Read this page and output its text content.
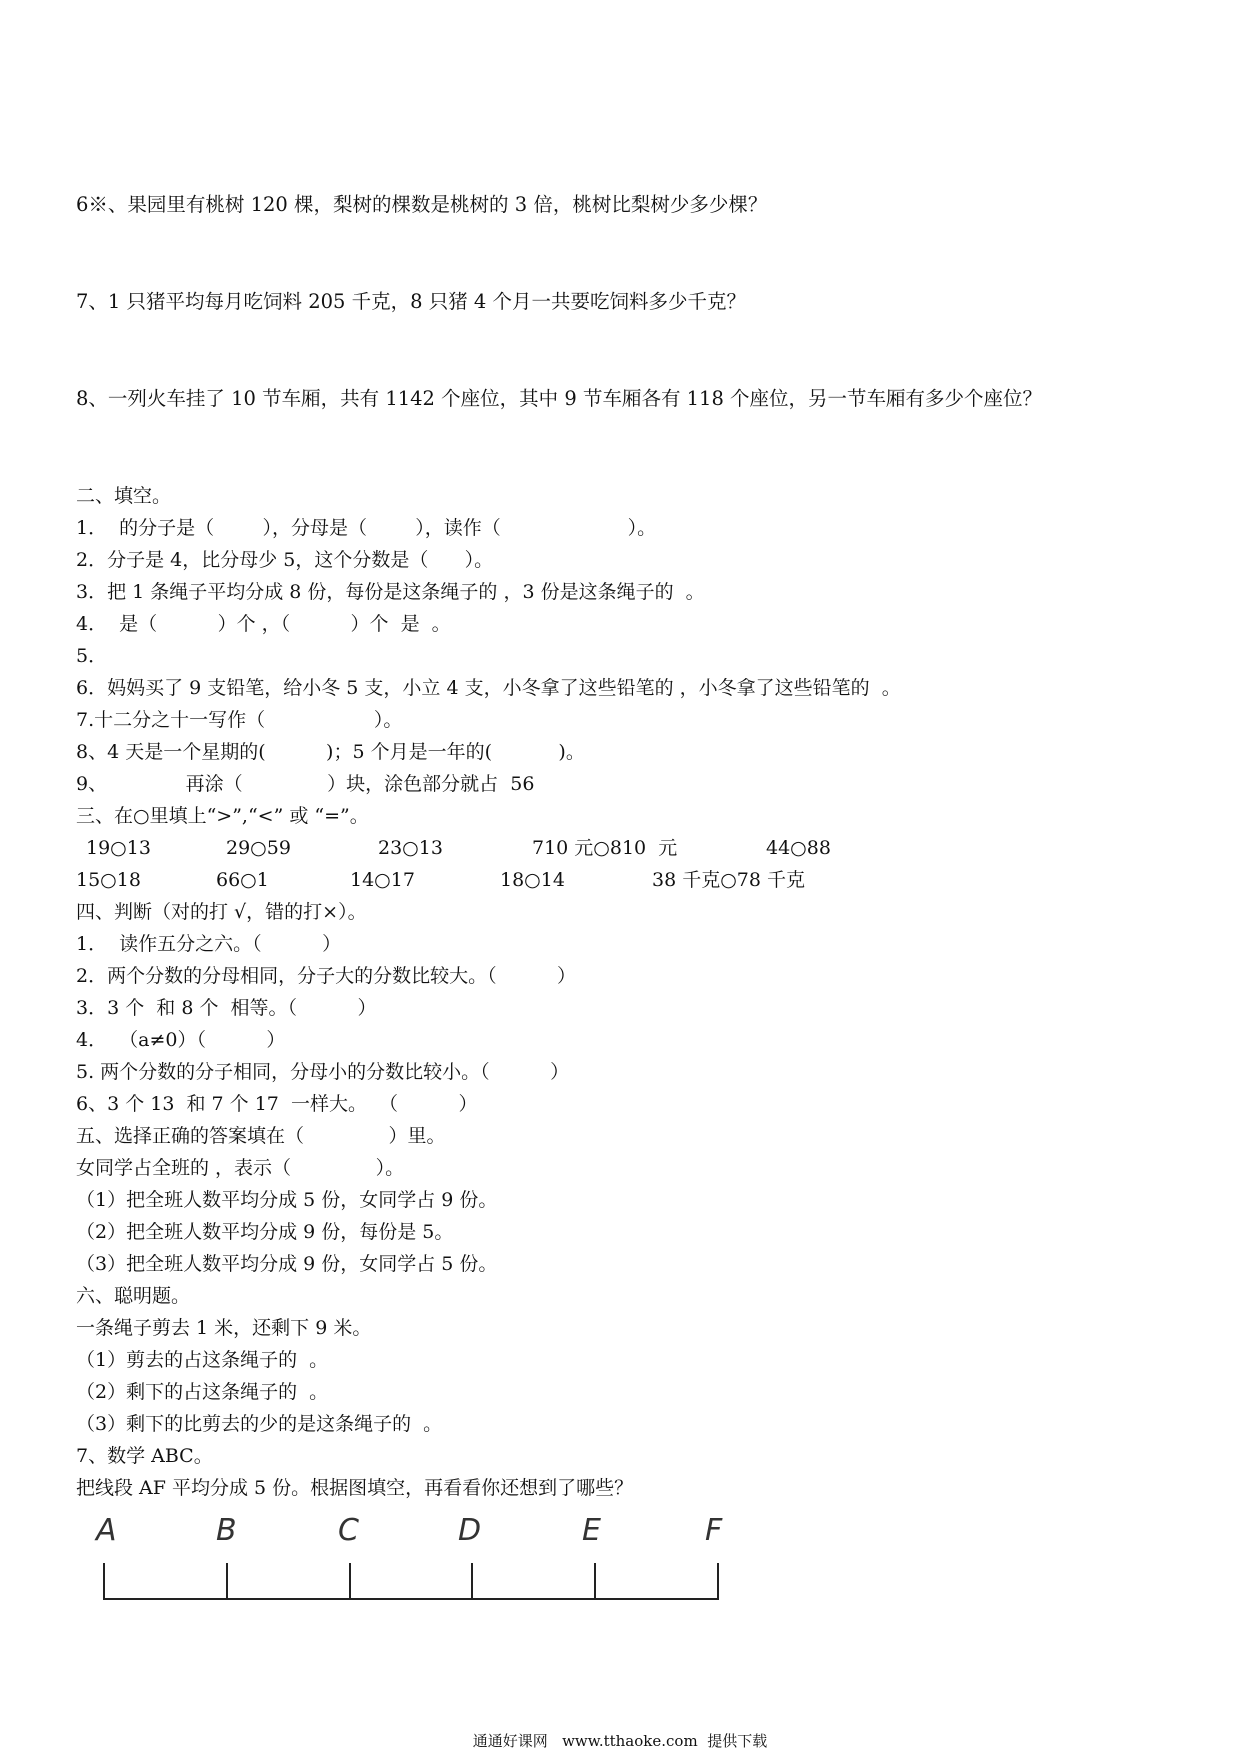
6※、果园里有桃树 120 棵，梨树的棵数是桃树的 3 倍，桃树比梨树少多少棵？
7、1 只猪平均每月吃饲料 205 千克，8 只猪 4 个月一共要吃饲料多少千克？
8、一列火车挂了 10 节车厢，共有 1142 个座位，其中 9 节车厢各有 118 个座位，另一节车厢有多少个座位？
二、填空。
1．  的分子是（        ），分母是（        ），读作（                     ）。
2．分子是 4，比分母少 5，这个分数是（      ）。
3．把 1 条绳子平均分成 8 份，每份是这条绳子的 ，3 份是这条绳子的  。
4．  是（          ）个 ，（          ）个  是  。
5．
6．妈妈买了 9 支铅笔，给小冬 5 支，小立 4 支，小冬拿了这些铅笔的 ，小冬拿了这些铅笔的  。
7.十二分之十一写作（                  ）。
8、4 天是一个星期的(          )；5 个月是一年的(           )。
9、             再涂（              ）块，涂色部分就占  56
三、在○里填上“>”,“<” 或 “=”。
19○13	29○59	23○13	710 元○810  元	44○88
15○18	66○1	14○17	18○14	38 千克○78 千克
四、判断（对的打 √，错的打×）。
1．  读作五分之六。（          ）
2．两个分数的分母相同，分子大的分数比较大。（          ）
3．3 个  和 8 个  相等。（          ）
4．  （a≠0）（          ）
5. 两个分数的分子相同，分母小的分数比较小。（          ）
6、3 个 13  和 7 个 17  一样大。  （          ）
五、选择正确的答案填在（              ）里。
女同学占全班的 ，表示（              ）。
（1）把全班人数平均分成 5 份，女同学占 9 份。
（2）把全班人数平均分成 9 份，每份是 5。
（3）把全班人数平均分成 9 份，女同学占 5 份。
六、聪明题。
一条绳子剪去 1 米，还剩下 9 米。
（1）剪去的占这条绳子的  。
（2）剩下的占这条绳子的  。
（3）剩下的比剪去的少的是这条绳子的  。
7、数学 ABC。
把线段 AF 平均分成 5 份。根据图填空，再看看你还想到了哪些？
A	B	C	D	E	F
通通好课网   www.tthaoke.com  提供下载
